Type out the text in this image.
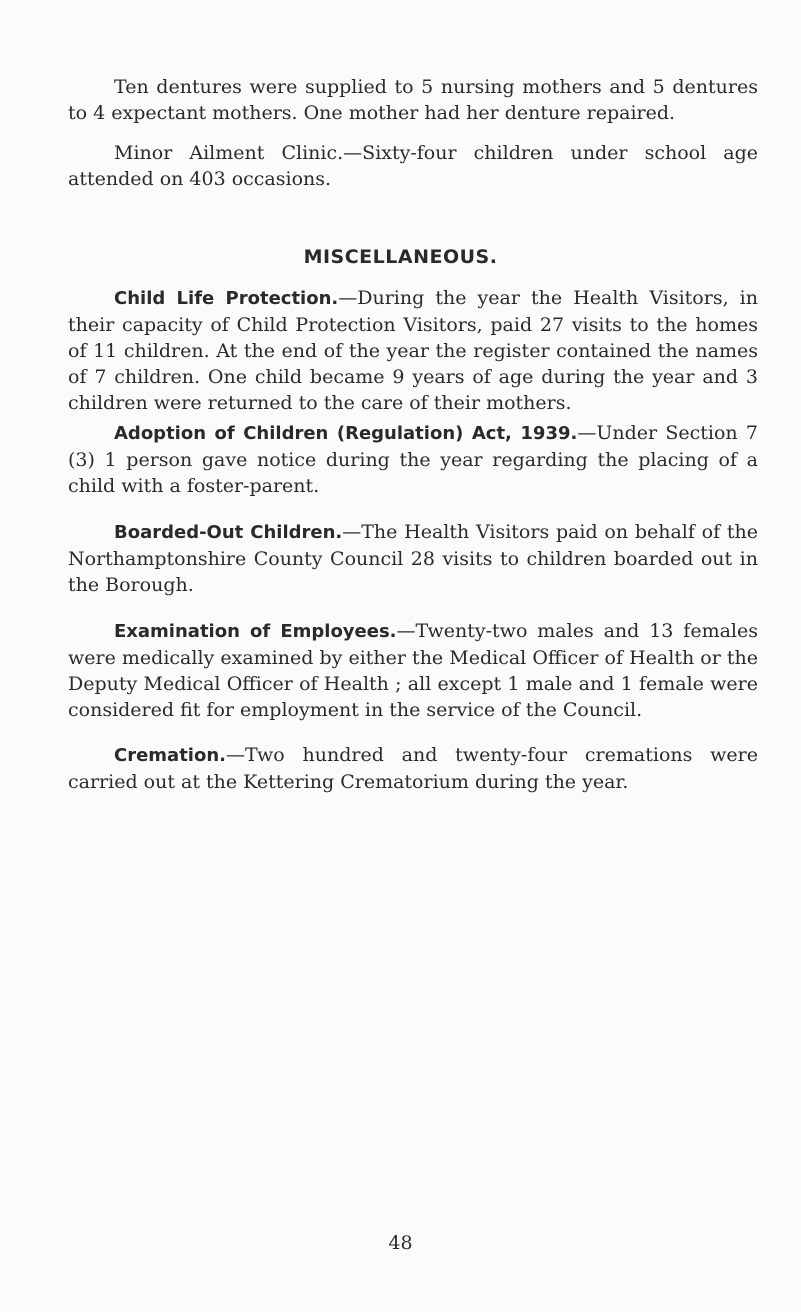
Ten dentures were supplied to 5 nursing mothers and 5 dentures to 4 expectant mothers. One mother had her denture repaired.

Minor Ailment Clinic.—Sixty-four children under school age attended on 403 occasions.

MISCELLANEOUS.

Child Life Protection.—During the year the Health Visitors, in their capacity of Child Protection Visitors, paid 27 visits to the homes of 11 children. At the end of the year the register contained the names of 7 children. One child became 9 years of age during the year and 3 children were returned to the care of their mothers.

Adoption of Children (Regulation) Act, 1939.—Under Section 7 (3) 1 person gave notice during the year regarding the placing of a child with a foster-parent.

Boarded-Out Children.—The Health Visitors paid on behalf of the Northamptonshire County Council 28 visits to children boarded out in the Borough.

Examination of Employees.—Twenty-two males and 13 females were medically examined by either the Medical Officer of Health or the Deputy Medical Officer of Health ; all except 1 male and 1 female were considered fit for employment in the service of the Council.

Cremation.—Two hundred and twenty-four cremations were carried out at the Kettering Crematorium during the year.

48
